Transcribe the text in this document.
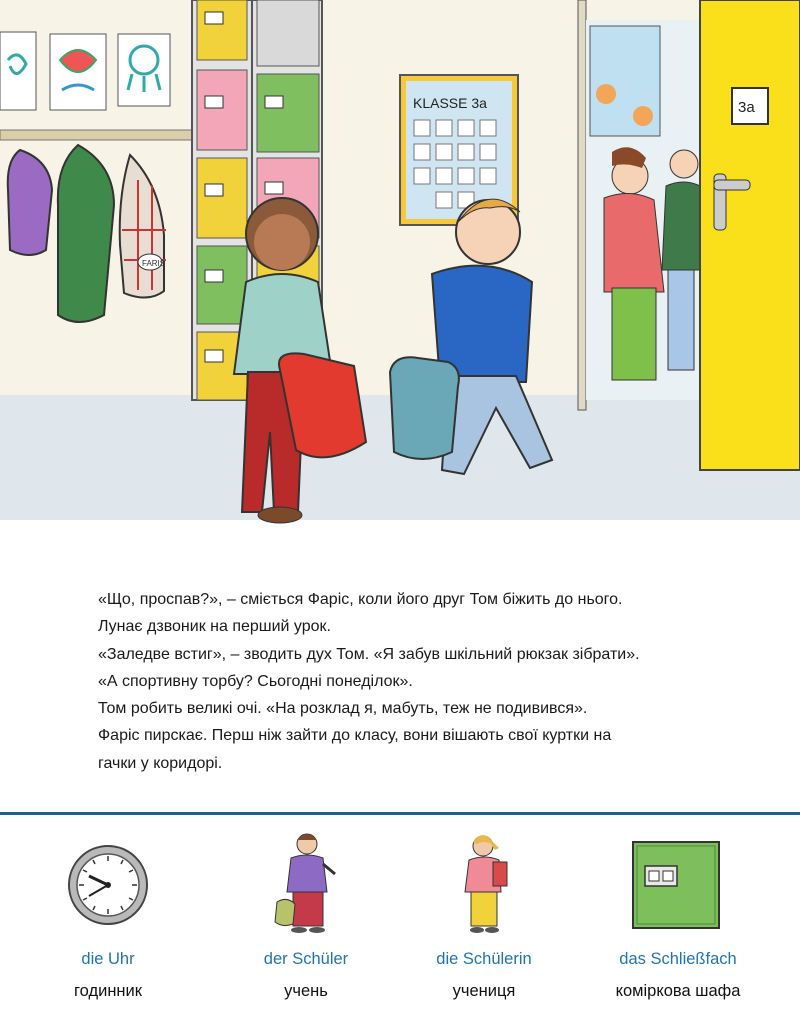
FARIS
KLASSE 3a	3a

«Що, проспав?», – сміється Фаріс, коли його друг Том біжить до нього.

Лунає дзвоник на перший урок.

«Заледве встиг», – зводить дух Том. «Я забув шкільний рюкзак зібрати».

«А спортивну торбу? Сьогодні понеділок».

Том робить великі очі. «На розклад я, мабуть, теж не подивився».

Фаріс пирскає. Перш ніж зайти до класу, вони вішають свої куртки на

гачки у коридорі.

die Uhr
годинник
der Schüler
учень
die Schülerin
учениця
das Schließfach
коміркова шафа
